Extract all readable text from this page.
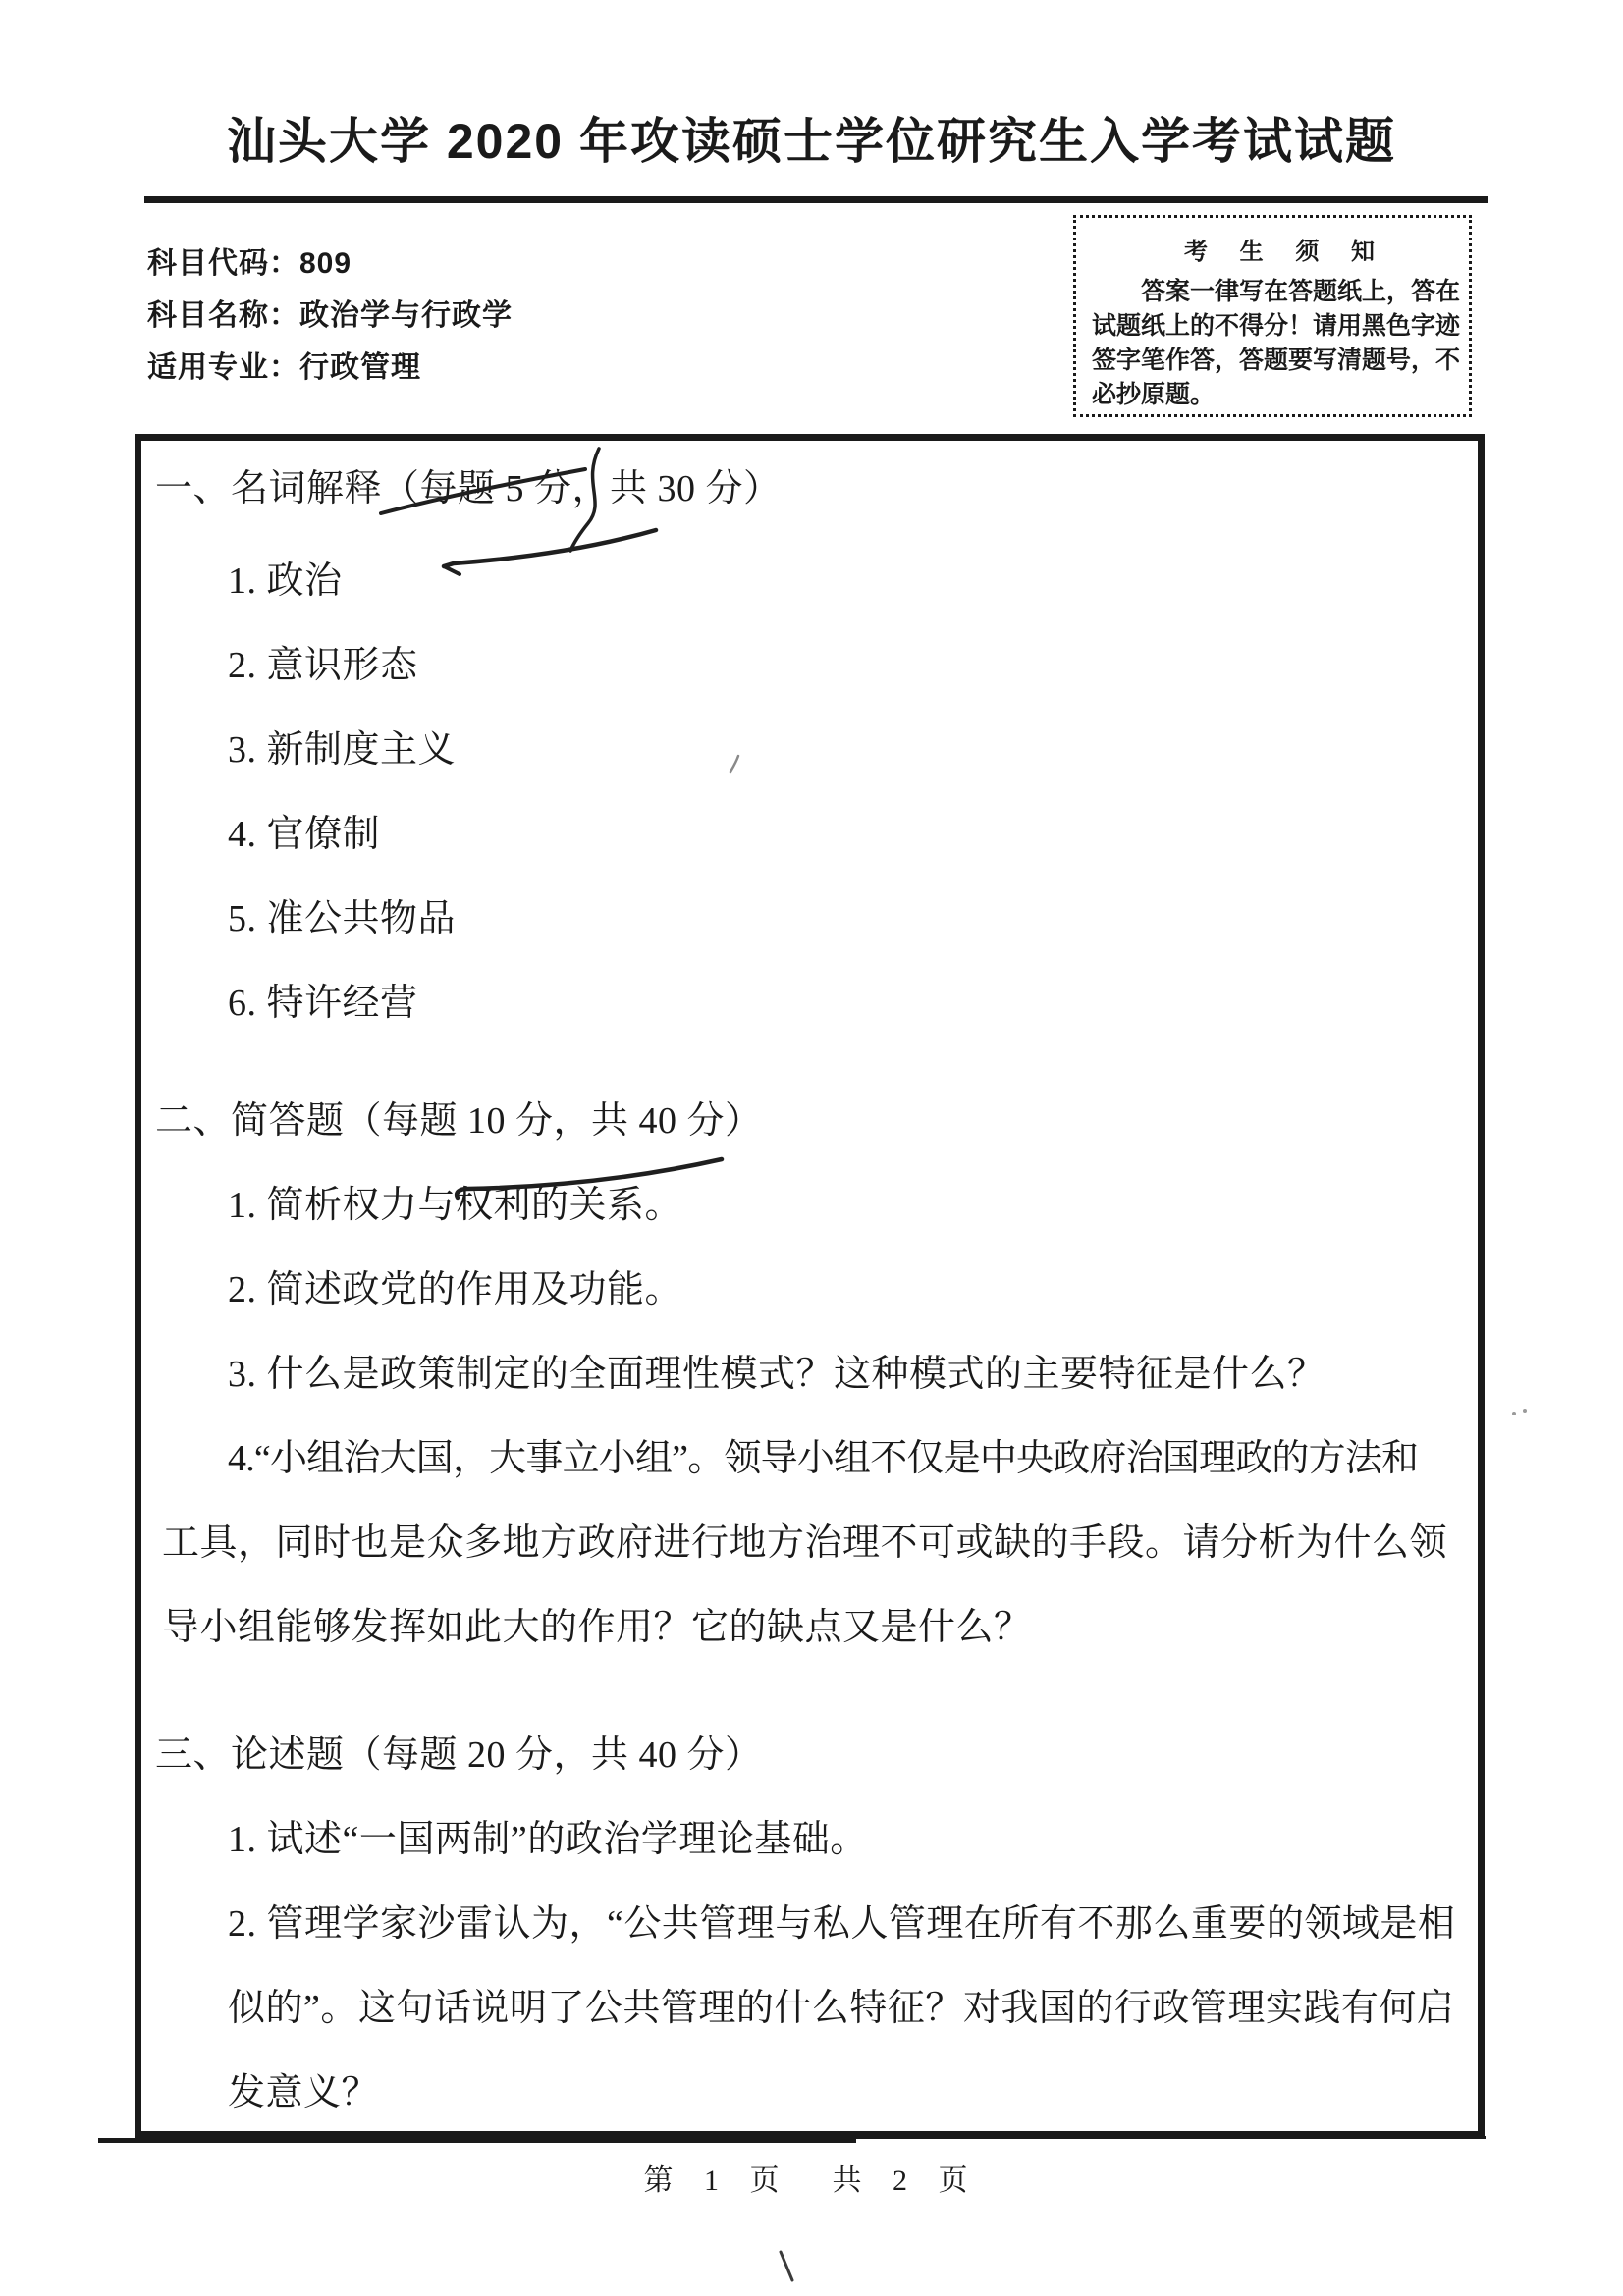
汕头大学 2020 年攻读硕士学位研究生入学考试试题
科目代码：809
科目名称：政治学与行政学
适用专业：行政管理
考 生 须 知
答案一律写在答题纸上，答在
试题纸上的不得分！请用黑色字迹
签字笔作答，答题要写清题号，不
必抄原题。
一、名词解释（每题 5 分，共 30 分）
1. 政治
2. 意识形态
3. 新制度主义
4. 官僚制
5. 准公共物品
6. 特许经营
二、简答题（每题 10 分，共 40 分）
1. 简析权力与权利的关系。
2. 简述政党的作用及功能。
3. 什么是政策制定的全面理性模式？这种模式的主要特征是什么？
4.“小组治大国，大事立小组”。领导小组不仅是中央政府治国理政的方法和
工具，同时也是众多地方政府进行地方治理不可或缺的手段。请分析为什么领
导小组能够发挥如此大的作用？它的缺点又是什么？
三、论述题（每题 20 分，共 40 分）
1. 试述“一国两制”的政治学理论基础。
2. 管理学家沙雷认为，“公共管理与私人管理在所有不那么重要的领域是相
似的”。这句话说明了公共管理的什么特征？对我国的行政管理实践有何启
发意义？
第 1 页　共 2 页
